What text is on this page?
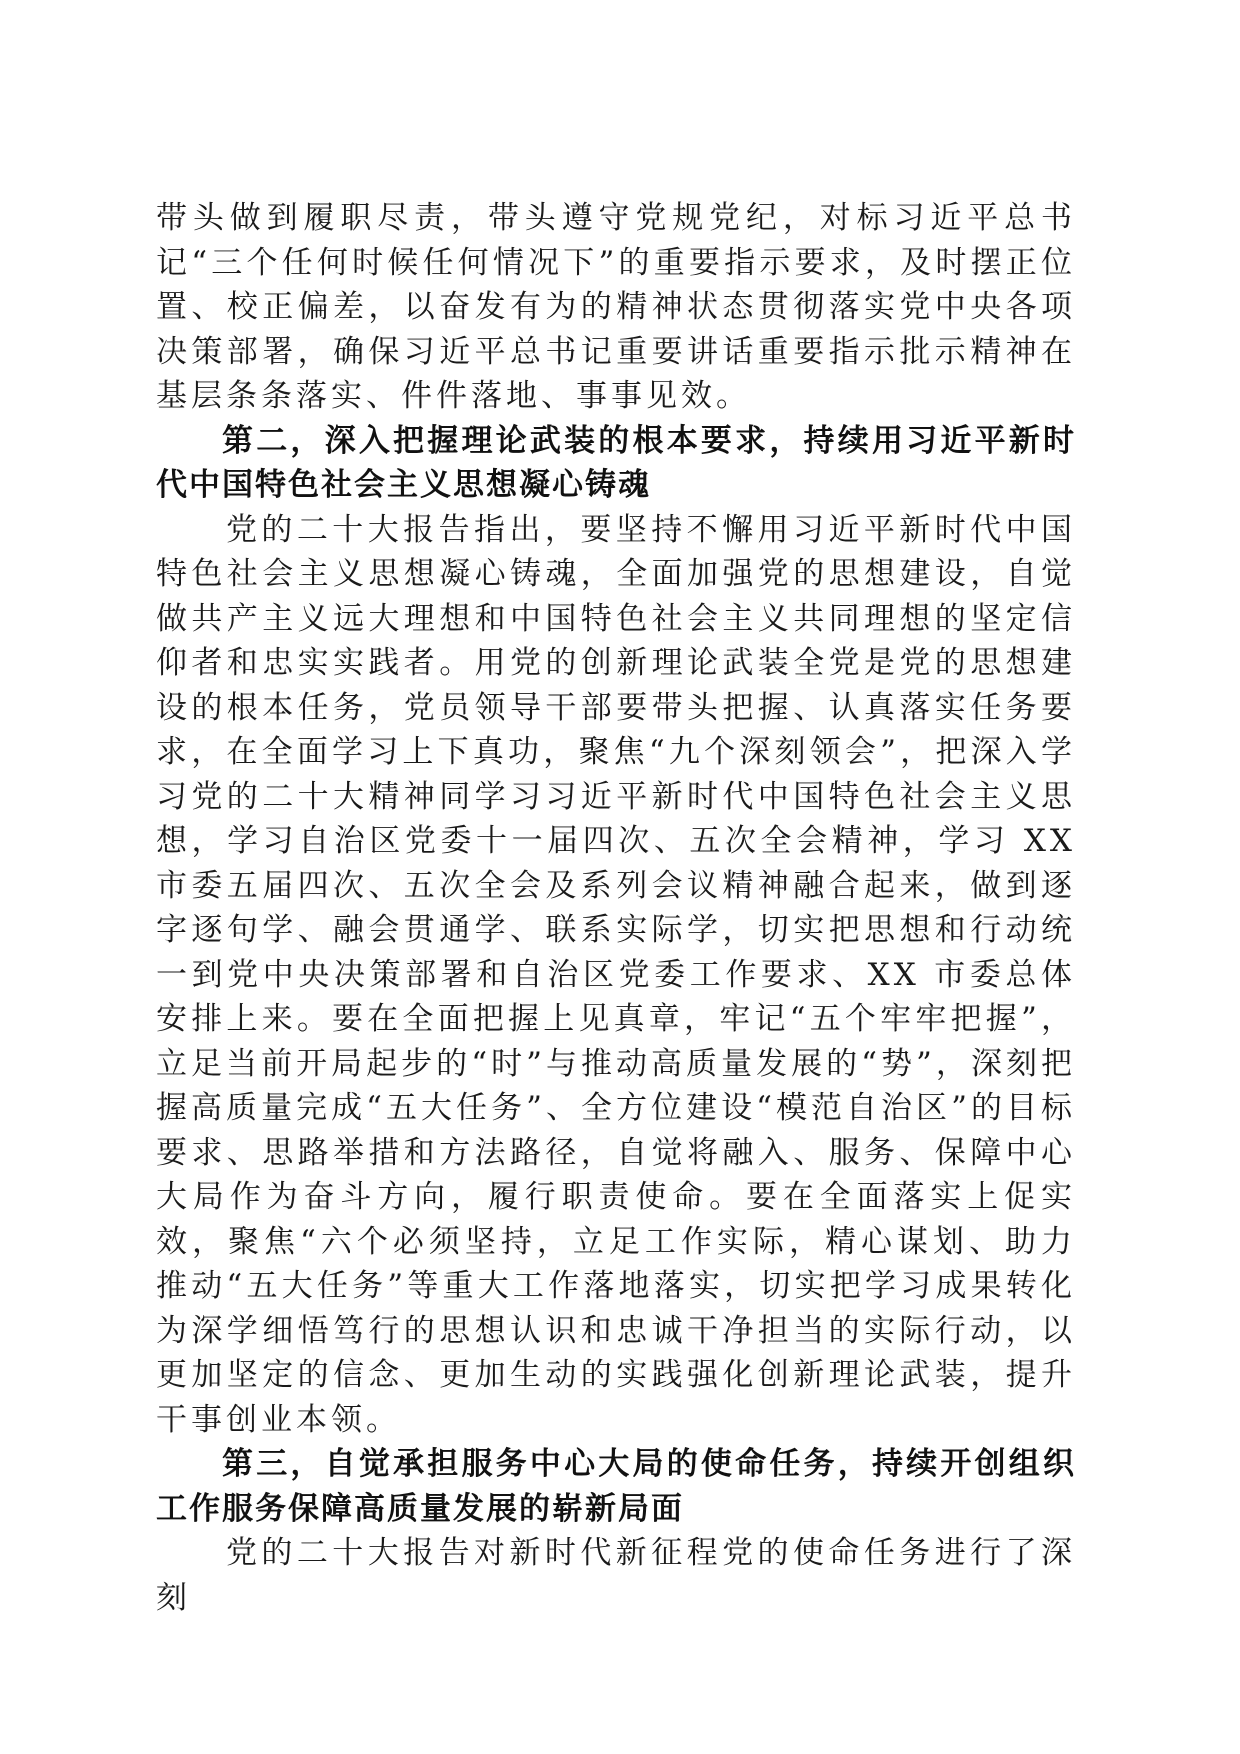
带头做到履职尽责，带头遵守党规党纪，对标习近平总书记“三个任何时候任何情况下”的重要指示要求，及时摆正位置、校正偏差，以奋发有为的精神状态贯彻落实党中央各项决策部署，确保习近平总书记重要讲话重要指示批示精神在基层条条落实、件件落地、事事见效。

第二，深入把握理论武装的根本要求，持续用习近平新时代中国特色社会主义思想凝心铸魂

党的二十大报告指出，要坚持不懈用习近平新时代中国特色社会主义思想凝心铸魂，全面加强党的思想建设，自觉做共产主义远大理想和中国特色社会主义共同理想的坚定信仰者和忠实实践者。用党的创新理论武装全党是党的思想建设的根本任务，党员领导干部要带头把握、认真落实任务要求，在全面学习上下真功，聚焦“九个深刻领会”，把深入学习党的二十大精神同学习习近平新时代中国特色社会主义思想，学习自治区党委十一届四次、五次全会精神，学习 XX 市委五届四次、五次全会及系列会议精神融合起来，做到逐字逐句学、融会贯通学、联系实际学，切实把思想和行动统一到党中央决策部署和自治区党委工作要求、XX 市委总体安排上来。要在全面把握上见真章，牢记“五个牢牢把握”，立足当前开局起步的“时”与推动高质量发展的“势”，深刻把握高质量完成“五大任务”、全方位建设“模范自治区”的目标要求、思路举措和方法路径，自觉将融入、服务、保障中心大局作为奋斗方向，履行职责使命。要在全面落实上促实效，聚焦“六个必须坚持，立足工作实际，精心谋划、助力推动“五大任务”等重大工作落地落实，切实把学习成果转化为深学细悟笃行的思想认识和忠诚干净担当的实际行动，以更加坚定的信念、更加生动的实践强化创新理论武装，提升干事创业本领。

第三，自觉承担服务中心大局的使命任务，持续开创组织工作服务保障高质量发展的崭新局面

党的二十大报告对新时代新征程党的使命任务进行了深刻
